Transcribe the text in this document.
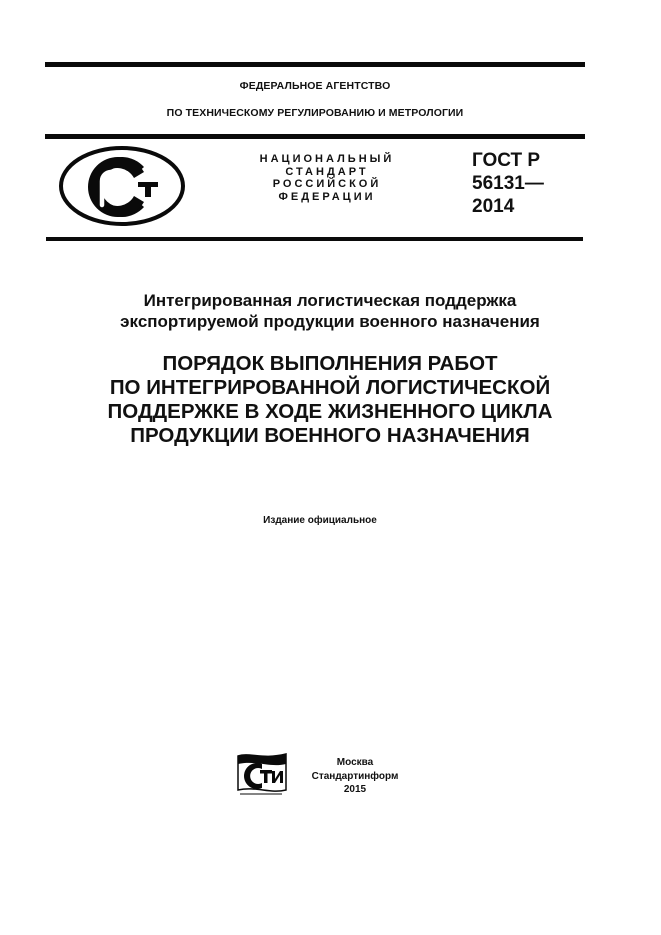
ФЕДЕРАЛЬНОЕ АГЕНТСТВО
ПО ТЕХНИЧЕСКОМУ РЕГУЛИРОВАНИЮ И МЕТРОЛОГИИ
НАЦИОНАЛЬНЫЙ
СТАНДАРТ
РОССИЙСКОЙ
ФЕДЕРАЦИИ
ГОСТ Р
56131—
2014
Интегрированная логистическая поддержка
экспортируемой продукции военного назначения
ПОРЯДОК ВЫПОЛНЕНИЯ РАБОТ
ПО ИНТЕГРИРОВАННОЙ ЛОГИСТИЧЕСКОЙ
ПОДДЕРЖКЕ В ХОДЕ ЖИЗНЕННОГО ЦИКЛА
ПРОДУКЦИИ ВОЕННОГО НАЗНАЧЕНИЯ
Издание официальное
Москва
Стандартинформ
2015
